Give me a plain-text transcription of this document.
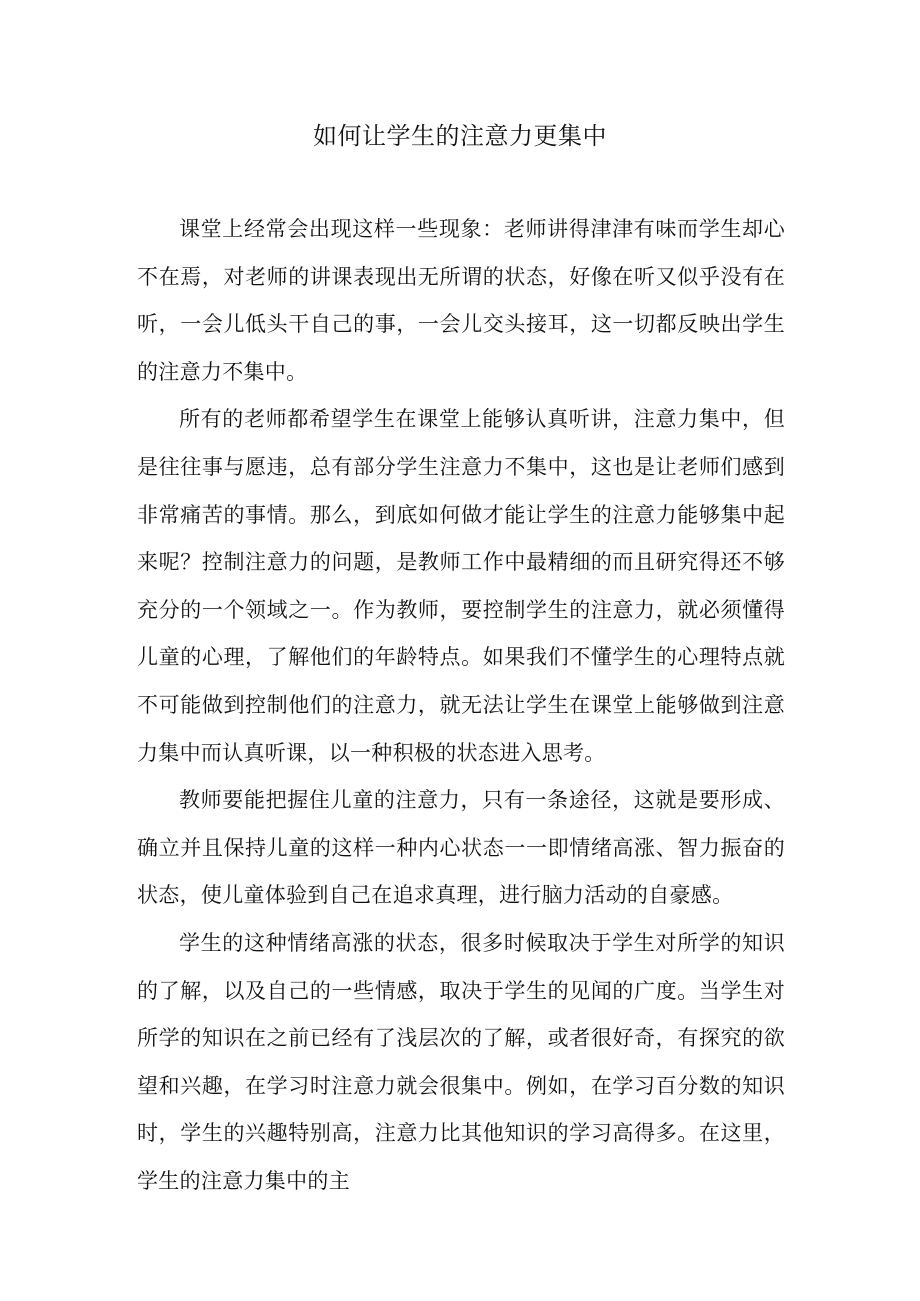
如何让学生的注意力更集中

课堂上经常会出现这样一些现象：老师讲得津津有味而学生却心不在焉，对老师的讲课表现出无所谓的状态，好像在听又似乎没有在听，一会儿低头干自己的事，一会儿交头接耳，这一切都反映出学生的注意力不集中。

所有的老师都希望学生在课堂上能够认真听讲，注意力集中，但是往往事与愿违，总有部分学生注意力不集中，这也是让老师们感到非常痛苦的事情。那么，到底如何做才能让学生的注意力能够集中起来呢？控制注意力的问题，是教师工作中最精细的而且研究得还不够充分的一个领域之一。作为教师，要控制学生的注意力，就必须懂得儿童的心理，了解他们的年龄特点。如果我们不懂学生的心理特点就不可能做到控制他们的注意力，就无法让学生在课堂上能够做到注意力集中而认真听课，以一种积极的状态进入思考。

教师要能把握住儿童的注意力，只有一条途径，这就是要形成、确立并且保持儿童的这样一种内心状态一一即情绪高涨、智力振奋的状态，使儿童体验到自己在追求真理，进行脑力活动的自豪感。

学生的这种情绪高涨的状态，很多时候取决于学生对所学的知识的了解，以及自己的一些情感，取决于学生的见闻的广度。当学生对所学的知识在之前已经有了浅层次的了解，或者很好奇，有探究的欲望和兴趣，在学习时注意力就会很集中。例如，在学习百分数的知识时，学生的兴趣特别高，注意力比其他知识的学习高得多。在这里，学生的注意力集中的主
